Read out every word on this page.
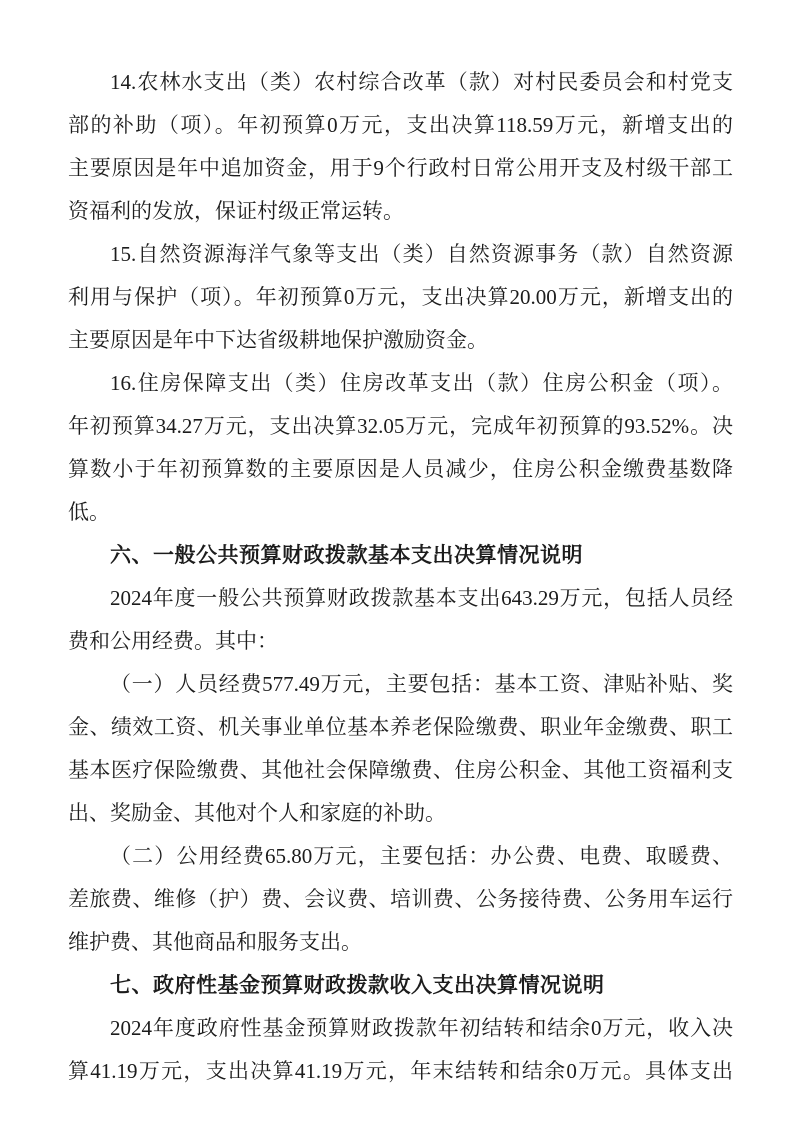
14.农林水支出（类）农村综合改革（款）对村民委员会和村党支
部的补助（项）。年初预算0万元，支出决算118.59万元，新增支出的
主要原因是年中追加资金，用于9个行政村日常公用开支及村级干部工
资福利的发放，保证村级正常运转。
15.自然资源海洋气象等支出（类）自然资源事务（款）自然资源
利用与保护（项）。年初预算0万元，支出决算20.00万元，新增支出的
主要原因是年中下达省级耕地保护激励资金。
16.住房保障支出（类）住房改革支出（款）住房公积金（项）。
年初预算34.27万元，支出决算32.05万元，完成年初预算的93.52%。决
算数小于年初预算数的主要原因是人员减少，住房公积金缴费基数降
低。
六、一般公共预算财政拨款基本支出决算情况说明
2024年度一般公共预算财政拨款基本支出643.29万元，包括人员经
费和公用经费。其中：
（一）人员经费577.49万元，主要包括：基本工资、津贴补贴、奖
金、绩效工资、机关事业单位基本养老保险缴费、职业年金缴费、职工
基本医疗保险缴费、其他社会保障缴费、住房公积金、其他工资福利支
出、奖励金、其他对个人和家庭的补助。
（二）公用经费65.80万元，主要包括：办公费、电费、取暖费、
差旅费、维修（护）费、会议费、培训费、公务接待费、公务用车运行
维护费、其他商品和服务支出。
七、政府性基金预算财政拨款收入支出决算情况说明
2024年度政府性基金预算财政拨款年初结转和结余0万元，收入决
算41.19万元，支出决算41.19万元，年末结转和结余0万元。具体支出
